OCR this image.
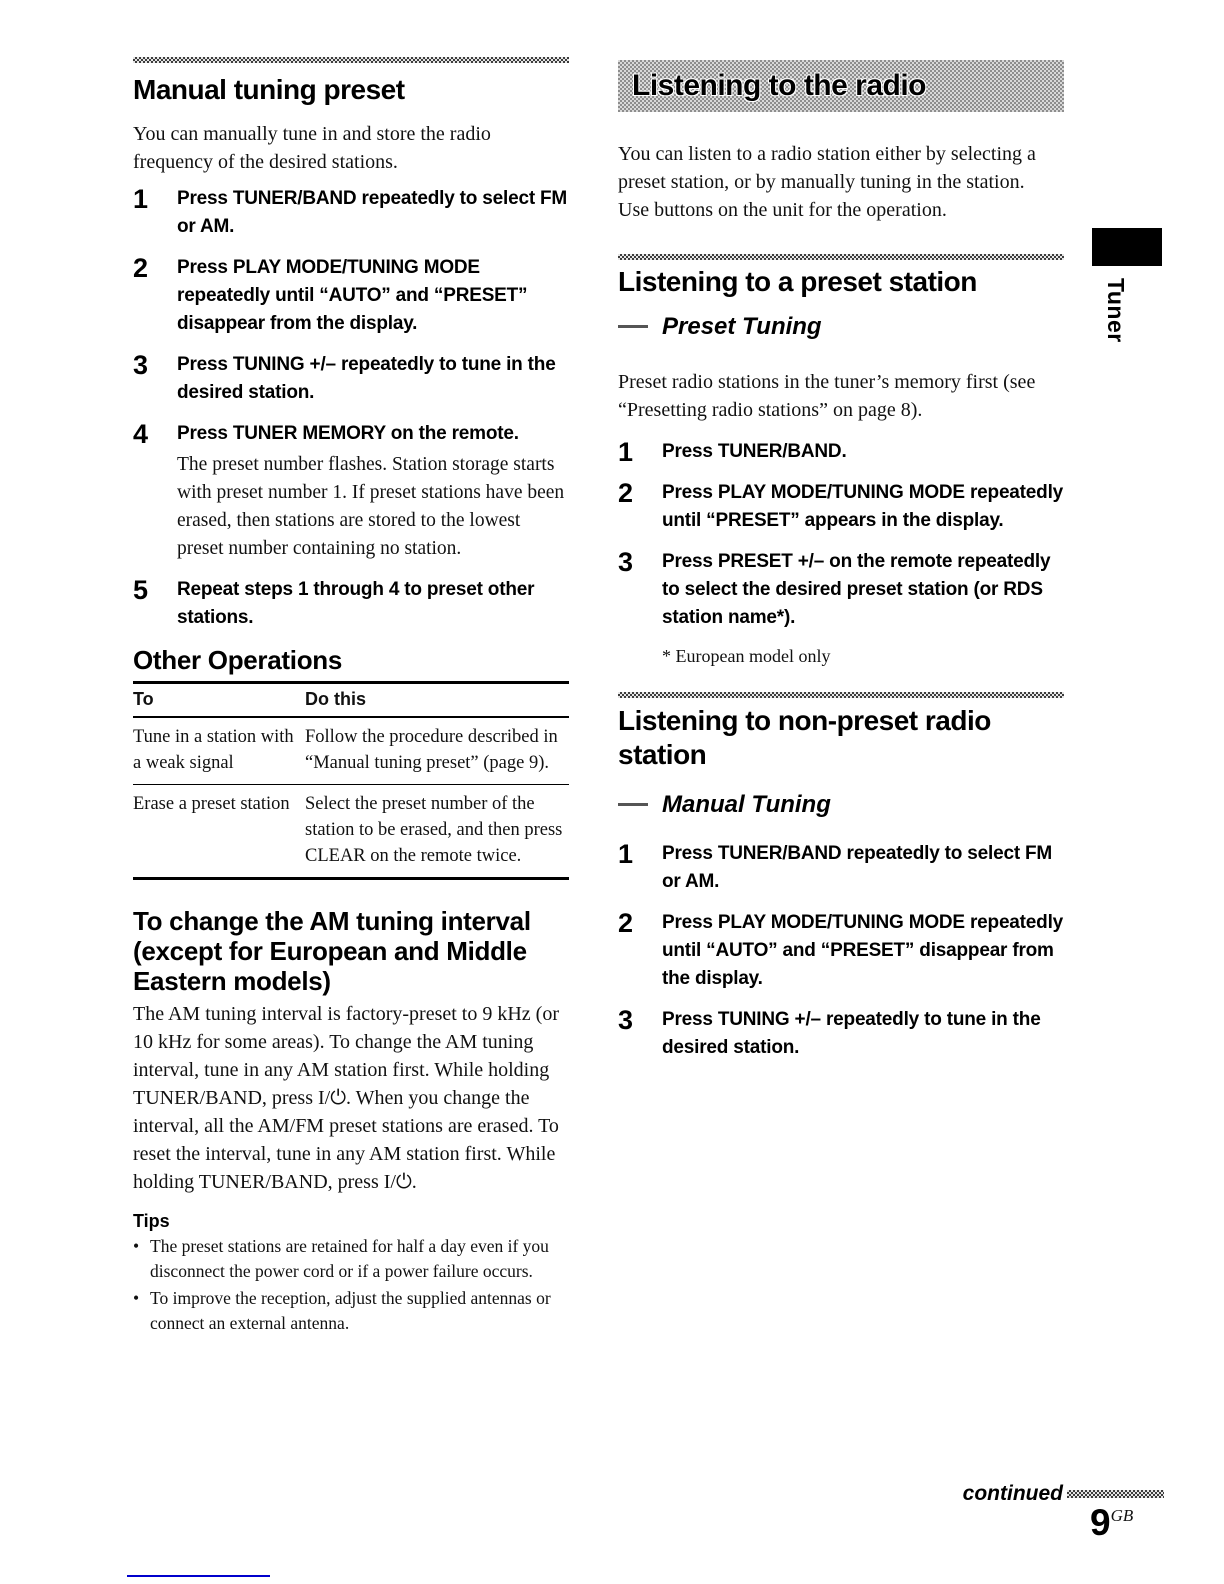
Manual tuning preset

You can manually tune in and store the radio frequency of the desired stations.

1	Press TUNER/BAND repeatedly to select FM or AM.

2	Press PLAY MODE/TUNING MODE repeatedly until “AUTO” and “PRESET” disappear from the display.

3	Press TUNING +/– repeatedly to tune in the desired station.

4	Press TUNER MEMORY on the remote.

The preset number flashes. Station storage starts with preset number 1. If preset stations have been erased, then stations are stored to the lowest preset number containing no station.

5	Repeat steps 1 through 4 to preset other stations.

Other Operations
To	Do this
Tune in a station with a weak signal	Follow the procedure described in “Manual tuning preset” (page 9).
Erase a preset station	Select the preset number of the station to be erased, and then press CLEAR on the remote twice.
To change the AM tuning interval (except for European and Middle Eastern models)

The AM tuning interval is factory-preset to 9 kHz (or 10 kHz for some areas). To change the AM tuning interval, tune in any AM station first. While holding TUNER/BAND, press I/⏻. When you change the interval, all the AM/FM preset stations are erased. To reset the interval, tune in any AM station first. While holding TUNER/BAND, press I/⏻.

Tips

• The preset stations are retained for half a day even if you disconnect the power cord or if a power failure occurs.

• To improve the reception, adjust the supplied antennas or connect an external antenna.

Listening to the radio

You can listen to a radio station either by selecting a preset station, or by manually tuning in the station.

Use buttons on the unit for the operation.

Listening to a preset station

Preset Tuning

Preset radio stations in the tuner’s memory first (see “Presetting radio stations” on page 8).

1	Press TUNER/BAND.

2	Press PLAY MODE/TUNING MODE repeatedly until “PRESET” appears in the display.

3	Press PRESET +/– on the remote repeatedly to select the desired preset station (or RDS station name*).

* European model only

Listening to non-preset radio station

Manual Tuning

1	Press TUNER/BAND repeatedly to select FM or AM.

2	Press PLAY MODE/TUNING MODE repeatedly until “AUTO” and “PRESET” disappear from the display.

3	Press TUNING +/– repeatedly to tune in the desired station.

Tuner
continued
9GB
